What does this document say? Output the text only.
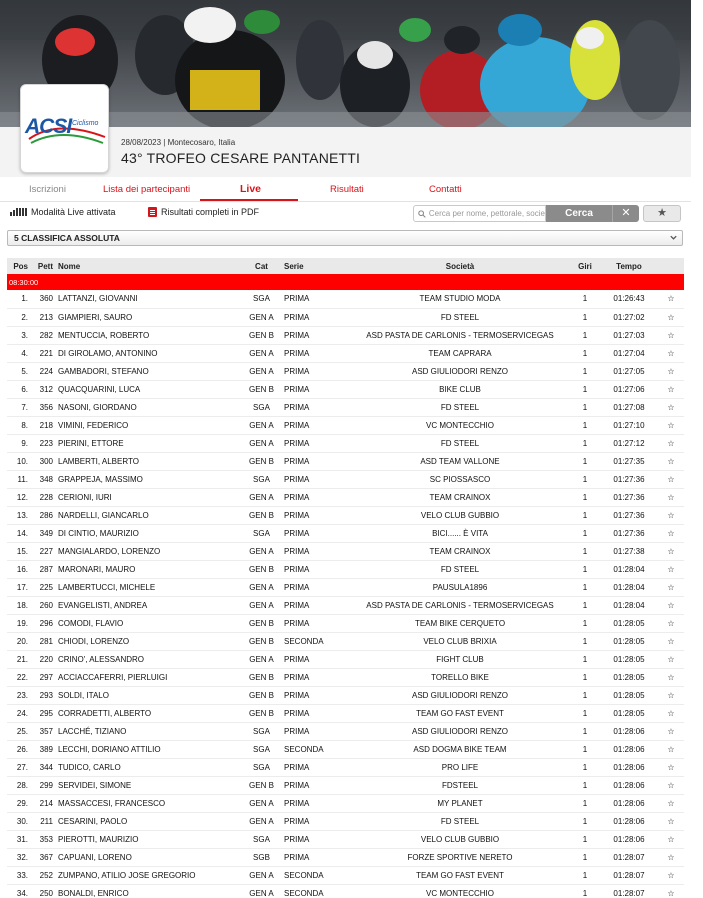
ACSI Ciclismo
28/08/2023 | Montecosaro, Italia
43° TROFEO CESARE PANTANETTI
Iscrizioni	Lista dei partecipanti	Live	Risultati	Contatti
Modalità Live attivata	Risultati completi in PDF
Cerca per nome, pettorale, società	Cerca	✕	★
5 CLASSIFICA ASSOLUTA
Pos	Pett	Nome	Cat	Serie	Società	Giri	Tempo	
08:30:00								
1.	360	LATTANZI, GIOVANNI	SGA	PRIMA	TEAM STUDIO MODA	1	01:26:43	☆
2.	213	GIAMPIERI, SAURO	GEN A	PRIMA	FD STEEL	1	01:27:02	☆
3.	282	MENTUCCIA, ROBERTO	GEN B	PRIMA	ASD PASTA DE CARLONIS - TERMOSERVICEGAS	1	01:27:03	☆
4.	221	DI GIROLAMO, ANTONINO	GEN A	PRIMA	TEAM CAPRARA	1	01:27:04	☆
5.	224	GAMBADORI, STEFANO	GEN A	PRIMA	ASD GIULIODORI RENZO	1	01:27:05	☆
6.	312	QUACQUARINI, LUCA	GEN B	PRIMA	BIKE CLUB	1	01:27:06	☆
7.	356	NASONI, GIORDANO	SGA	PRIMA	FD STEEL	1	01:27:08	☆
8.	218	VIMINI, FEDERICO	GEN A	PRIMA	VC MONTECCHIO	1	01:27:10	☆
9.	223	PIERINI, ETTORE	GEN A	PRIMA	FD STEEL	1	01:27:12	☆
10.	300	LAMBERTI, ALBERTO	GEN B	PRIMA	ASD TEAM VALLONE	1	01:27:35	☆
11.	348	GRAPPEJA, MASSIMO	SGA	PRIMA	SC PIOSSASCO	1	01:27:36	☆
12.	228	CERIONI, IURI	GEN A	PRIMA	TEAM CRAINOX	1	01:27:36	☆
13.	286	NARDELLI, GIANCARLO	GEN B	PRIMA	VELO CLUB GUBBIO	1	01:27:36	☆
14.	349	DI CINTIO, MAURIZIO	SGA	PRIMA	BICI...... È VITA	1	01:27:36	☆
15.	227	MANGIALARDO, LORENZO	GEN A	PRIMA	TEAM CRAINOX	1	01:27:38	☆
16.	287	MARONARI, MAURO	GEN B	PRIMA	FD STEEL	1	01:28:04	☆
17.	225	LAMBERTUCCI, MICHELE	GEN A	PRIMA	PAUSULA1896	1	01:28:04	☆
18.	260	EVANGELISTI, ANDREA	GEN A	PRIMA	ASD PASTA DE CARLONIS - TERMOSERVICEGAS	1	01:28:04	☆
19.	296	COMODI, FLAVIO	GEN B	PRIMA	TEAM BIKE CERQUETO	1	01:28:05	☆
20.	281	CHIODI, LORENZO	GEN B	SECONDA	VELO CLUB BRIXIA	1	01:28:05	☆
21.	220	CRINO', ALESSANDRO	GEN A	PRIMA	FIGHT CLUB	1	01:28:05	☆
22.	297	ACCIACCAFERRI, PIERLUIGI	GEN B	PRIMA	TORELLO BIKE	1	01:28:05	☆
23.	293	SOLDI, ITALO	GEN B	PRIMA	ASD GIULIODORI RENZO	1	01:28:05	☆
24.	295	CORRADETTI, ALBERTO	GEN B	PRIMA	TEAM GO FAST EVENT	1	01:28:05	☆
25.	357	LACCHÉ, TIZIANO	SGA	PRIMA	ASD GIULIODORI RENZO	1	01:28:06	☆
26.	389	LECCHI, DORIANO ATTILIO	SGA	SECONDA	ASD DOGMA BIKE TEAM	1	01:28:06	☆
27.	344	TUDICO, CARLO	SGA	PRIMA	PRO LIFE	1	01:28:06	☆
28.	299	SERVIDEI, SIMONE	GEN B	PRIMA	FDSTEEL	1	01:28:06	☆
29.	214	MASSACCESI, FRANCESCO	GEN A	PRIMA	MY PLANET	1	01:28:06	☆
30.	211	CESARINI, PAOLO	GEN A	PRIMA	FD STEEL	1	01:28:06	☆
31.	353	PIEROTTI, MAURIZIO	SGA	PRIMA	VELO CLUB GUBBIO	1	01:28:06	☆
32.	367	CAPUANI, LORENO	SGB	PRIMA	FORZE SPORTIVE NERETO	1	01:28:07	☆
33.	252	ZUMPANO, ATILIO JOSE GREGORIO	GEN A	SECONDA	TEAM GO FAST EVENT	1	01:28:07	☆
34.	250	BONALDI, ENRICO	GEN A	SECONDA	VC MONTECCHIO	1	01:28:07	☆
